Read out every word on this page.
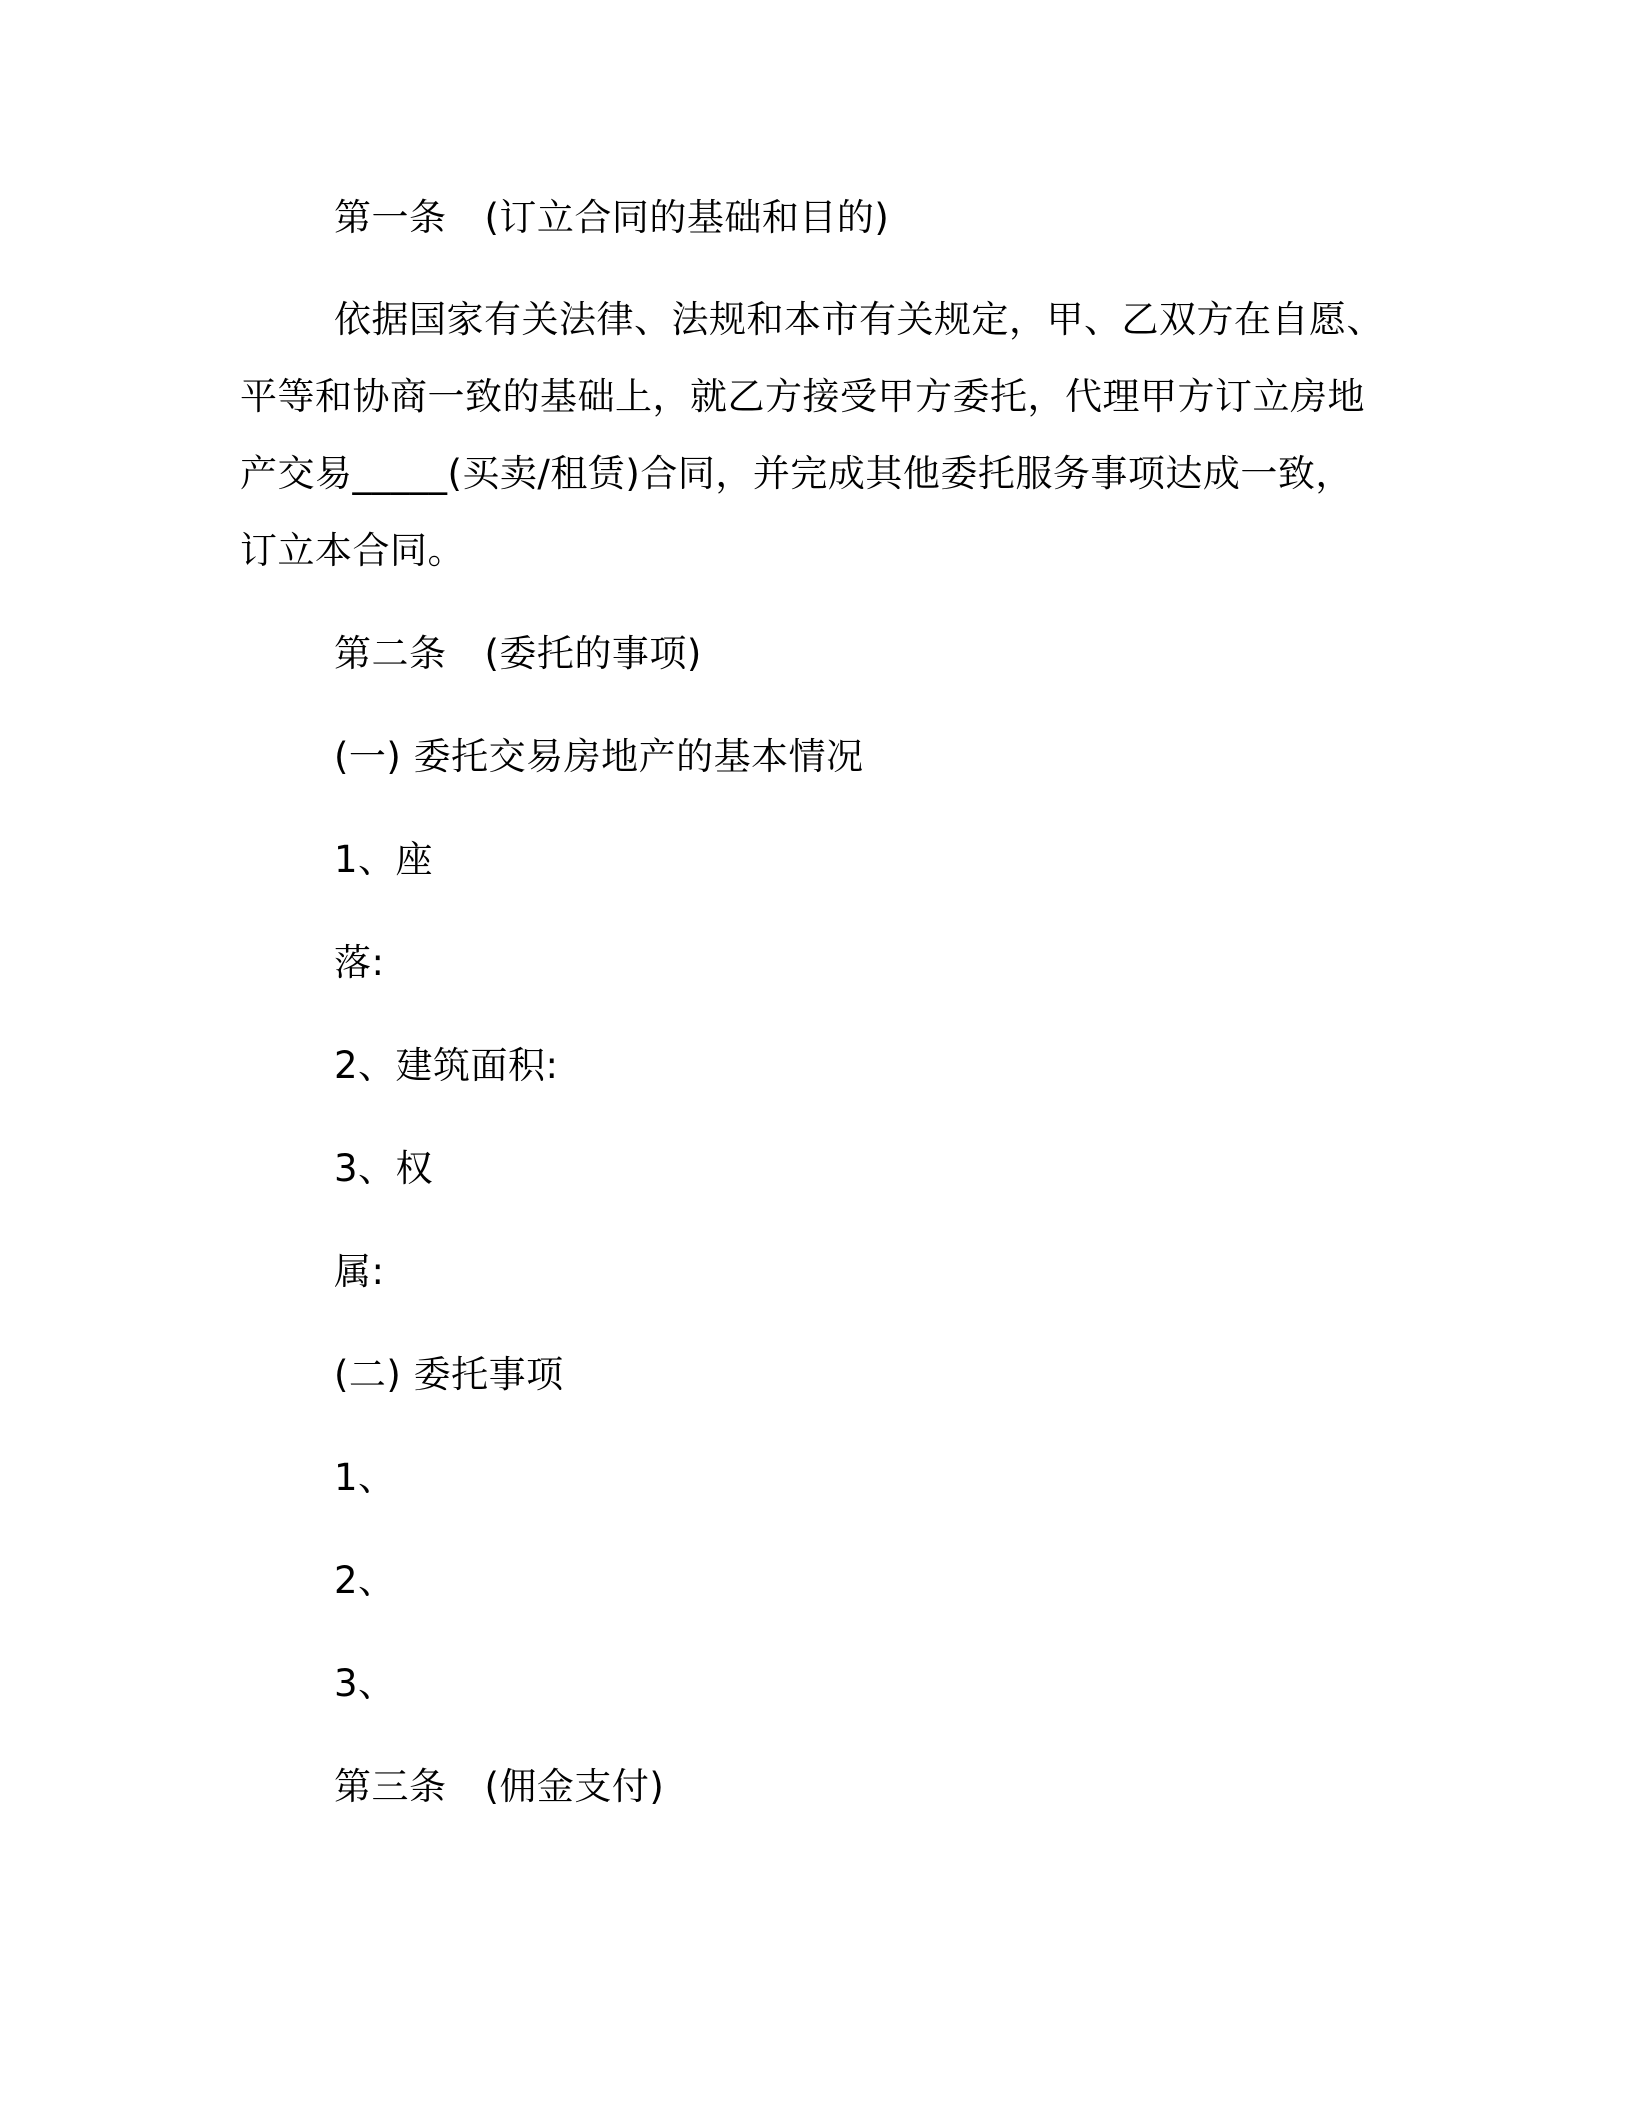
第一条 (订立合同的基础和目的)
依据国家有关法律、法规和本市有关规定，甲、乙双方在自愿、
平等和协商一致的基础上，就乙方接受甲方委托，代理甲方订立房地
产交易_____(买卖/租赁)合同，并完成其他委托服务事项达成一致，
订立本合同。
第二条 (委托的事项)
(一) 委托交易房地产的基本情况
1、座
落:
2、建筑面积:
3、权
属:
(二) 委托事项
1、
2、
3、
第三条 (佣金支付)
